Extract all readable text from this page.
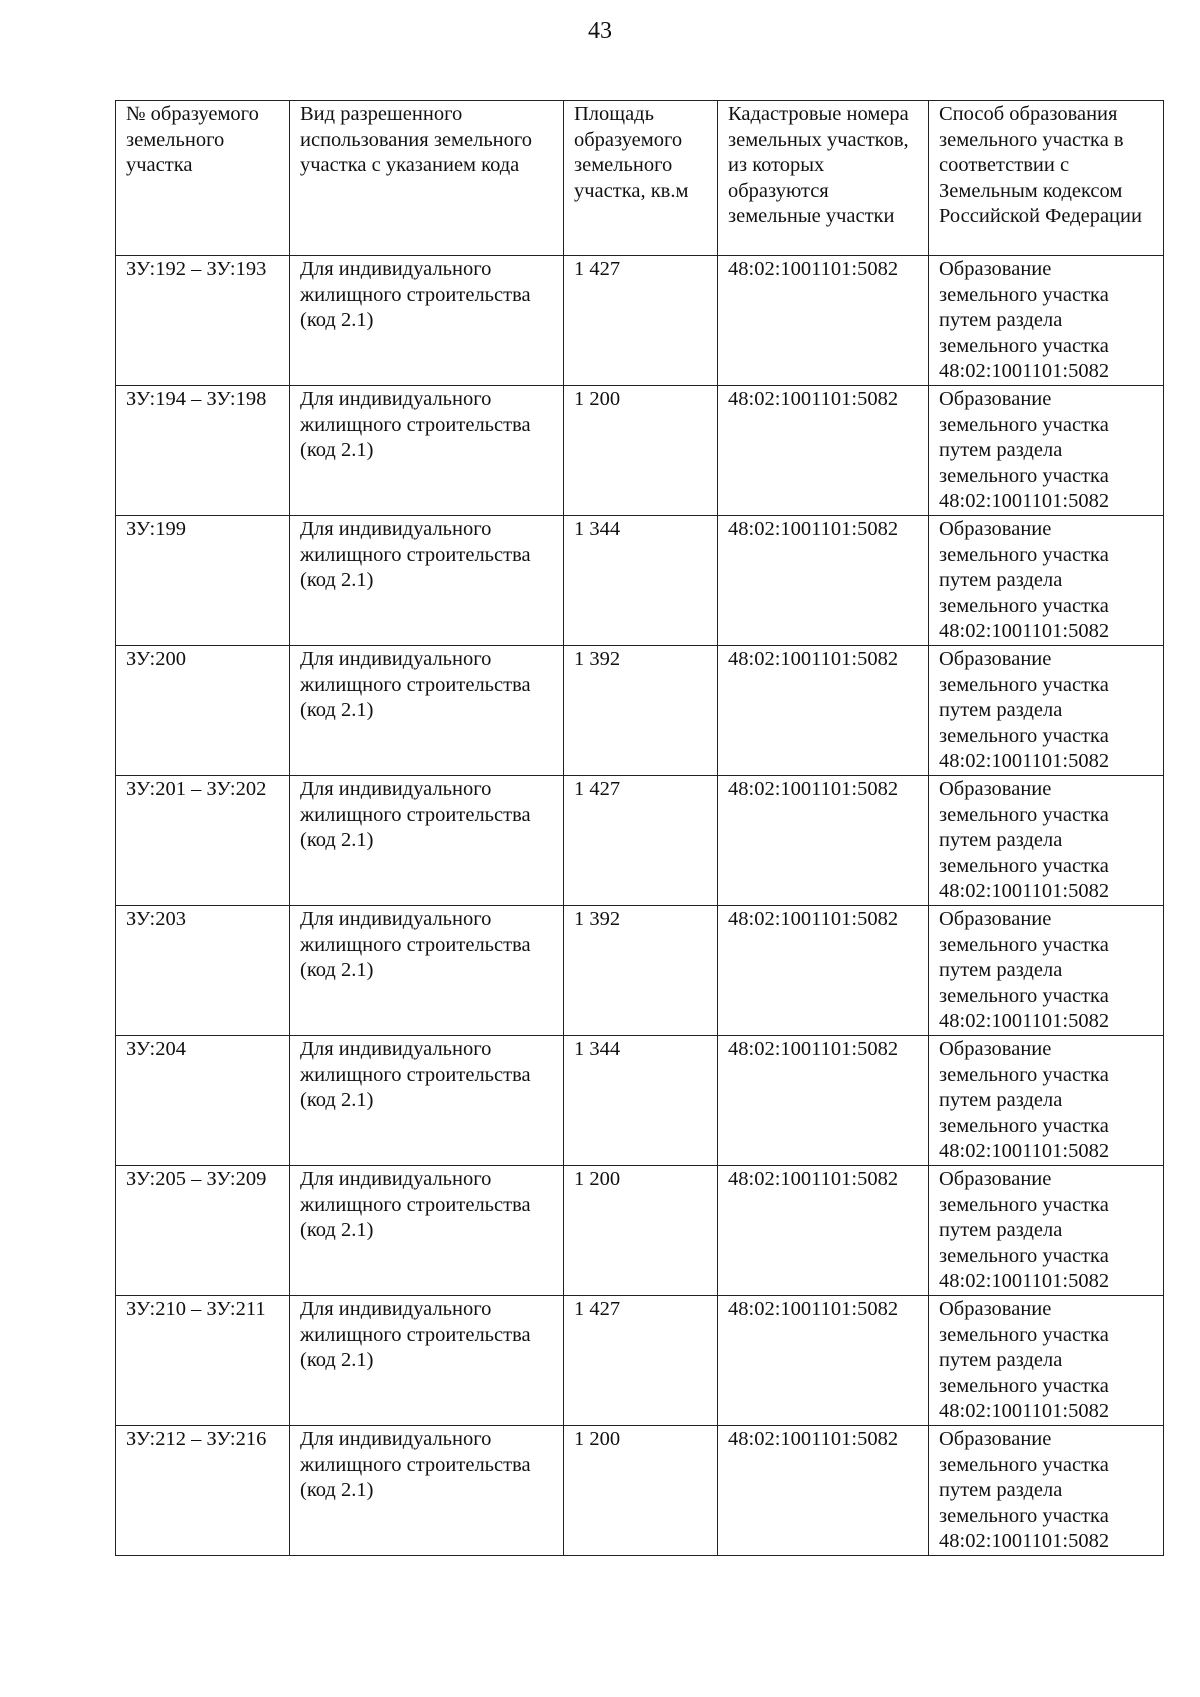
43
№ образуемого земельного участка	Вид разрешенного использования земельного участка с указанием кода	Площадь образуемого земельного участка, кв.м	Кадастровые номера земельных участков, из которых образуются земельные участки	Способ образования земельного участка в соответствии с Земельным кодексом Российской Федерации
ЗУ:192 – ЗУ:193	Для индивидуального жилищного строительства (код 2.1)	1 427	48:02:1001101:5082	Образование земельного участка путем раздела земельного участка 48:02:1001101:5082
ЗУ:194 – ЗУ:198	Для индивидуального жилищного строительства (код 2.1)	1 200	48:02:1001101:5082	Образование земельного участка путем раздела земельного участка 48:02:1001101:5082
ЗУ:199	Для индивидуального жилищного строительства (код 2.1)	1 344	48:02:1001101:5082	Образование земельного участка путем раздела земельного участка 48:02:1001101:5082
ЗУ:200	Для индивидуального жилищного строительства (код 2.1)	1 392	48:02:1001101:5082	Образование земельного участка путем раздела земельного участка 48:02:1001101:5082
ЗУ:201 – ЗУ:202	Для индивидуального жилищного строительства (код 2.1)	1 427	48:02:1001101:5082	Образование земельного участка путем раздела земельного участка 48:02:1001101:5082
ЗУ:203	Для индивидуального жилищного строительства (код 2.1)	1 392	48:02:1001101:5082	Образование земельного участка путем раздела земельного участка 48:02:1001101:5082
ЗУ:204	Для индивидуального жилищного строительства (код 2.1)	1 344	48:02:1001101:5082	Образование земельного участка путем раздела земельного участка 48:02:1001101:5082
ЗУ:205 – ЗУ:209	Для индивидуального жилищного строительства (код 2.1)	1 200	48:02:1001101:5082	Образование земельного участка путем раздела земельного участка 48:02:1001101:5082
ЗУ:210 – ЗУ:211	Для индивидуального жилищного строительства (код 2.1)	1 427	48:02:1001101:5082	Образование земельного участка путем раздела земельного участка 48:02:1001101:5082
ЗУ:212 – ЗУ:216	Для индивидуального жилищного строительства (код 2.1)	1 200	48:02:1001101:5082	Образование земельного участка путем раздела земельного участка 48:02:1001101:5082
